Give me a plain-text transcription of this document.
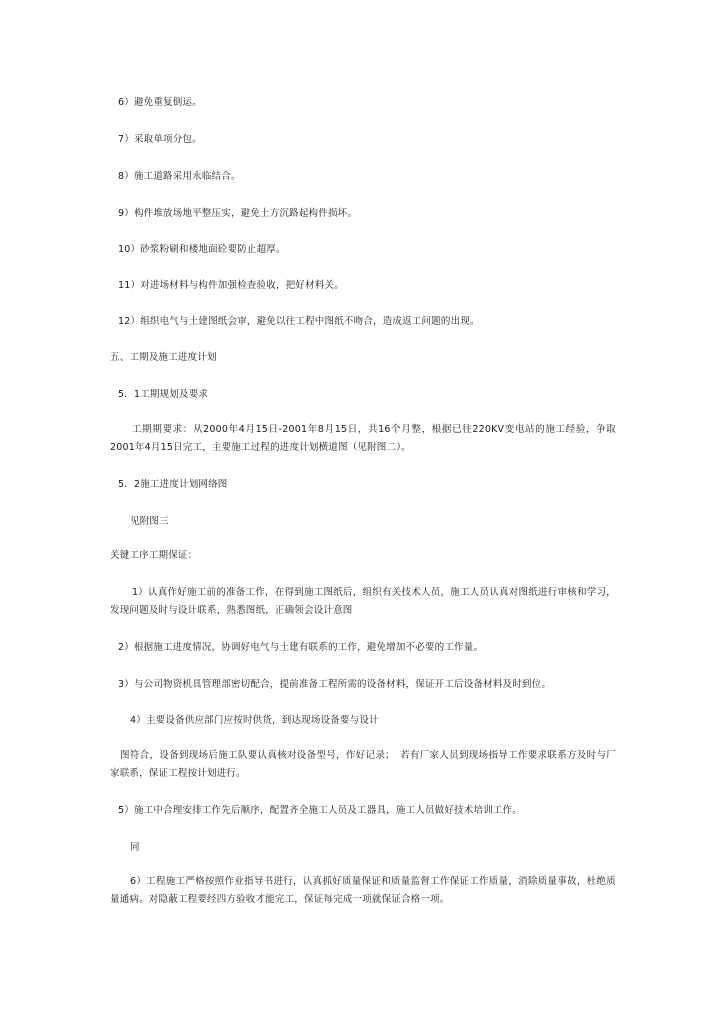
6）避免重复倒运。
7）采取单项分包。
8）施工道路采用永临结合。
9）构件堆放场地平整压实，避免土方沉路起构件损坏。
10）砂浆粉刷和楼地面砼要防止超厚。
11）对进场材料与构件加强检查验收，把好材料关。
12）组织电气与土建图纸会审，避免以往工程中图纸不吻合，造成返工问题的出现。
五、工期及施工进度计划
5．1工期规划及要求
工期期要求：从2000年4月15日-2001年8月15日，共16个月整，根据已往220KV变电站的施工经验，争取2001年4月15日完工，主要施工过程的进度计划横道图（见附图二）。
5．2施工进度计划网络图
见附图三
关键工序工期保证：
1）认真作好施工前的准备工作，在得到施工图纸后，组织有关技术人员，施工人员认真对图纸进行审核和学习，发现问题及时与设计联系，熟悉图纸，正确领会设计意图
2）根据施工进度情况，协调好电气与土建有联系的工作，避免增加不必要的工作量。
3）与公司物资机具管理部密切配合，提前准备工程所需的设备材料，保证开工后设备材料及时到位。
4）主要设备供应部门应按时供货，到达现场设备要与设计
图符合，设备到现场后施工队要认真核对设备型号，作好记录；　若有厂家人员到现场指导工作要求联系方及时与厂家联系，保证工程按计划进行。
5）施工中合理安排工作先后顺序，配置齐全施工人员及工器具，施工人员做好技术培训工作。
同
6）工程施工严格按照作业指导书进行，认真抓好质量保证和质量监督工作保证工作质量，消除质量事故，杜绝质量通病。对隐蔽工程要经四方验收才能完工，保证每完成一项就保证合格一项。
